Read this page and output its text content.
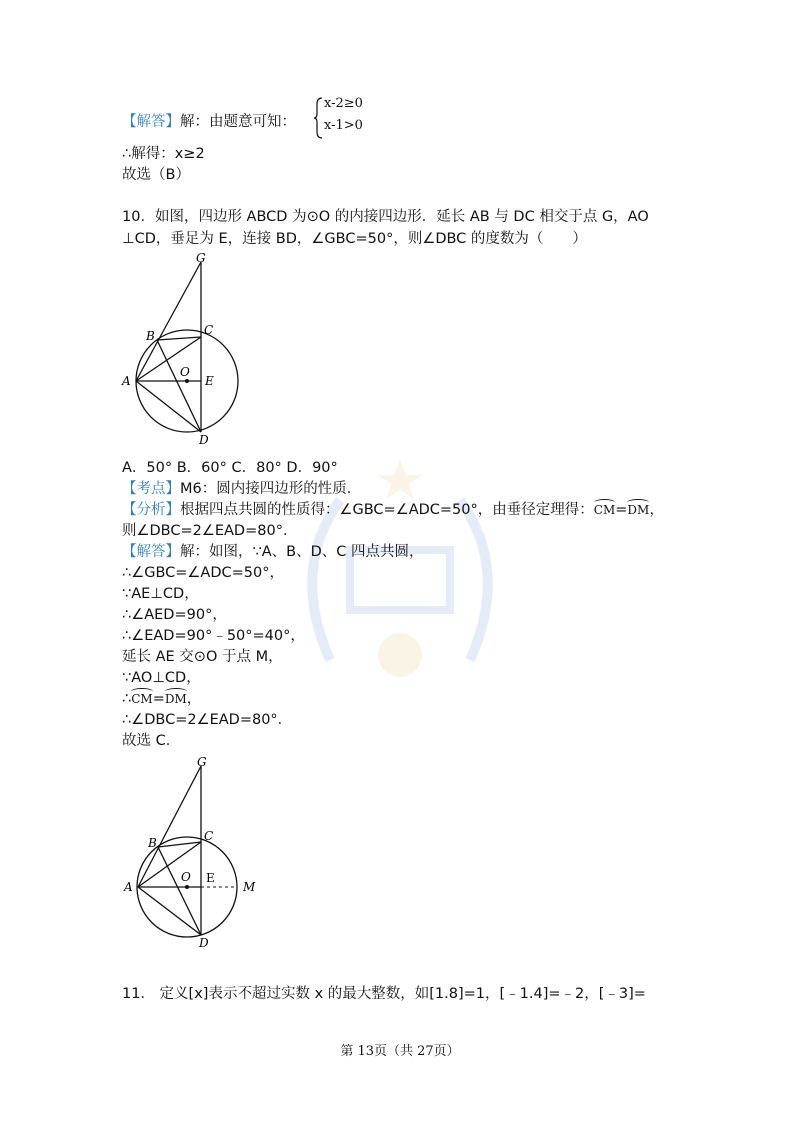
【解答】解：由题意可知：
x-2≥0
x-1>0
∴解得：x≥2
故选（B）
10．如图，四边形 ABCD 为⊙O 的内接四边形．延长 AB 与 DC 相交于点 G，AO
⊥CD，垂足为 E，连接 BD，∠GBC=50°，则∠DBC 的度数为（　　）
G
B	C
A
O
E
D
A．50° B．60° C．80° D．90°
【考点】M6：圆内接四边形的性质．
【分析】根据四点共圆的性质得：∠GBC=∠ADC=50°，由垂径定理得：CM=DM，
则∠DBC=2∠EAD=80°．
【解答】解：如图，∵A、B、D、C 四点共圆，
∴∠GBC=∠ADC=50°，
∵AE⊥CD，
∴∠AED=90°，
∴∠EAD=90°﹣50°=40°，
延长 AE 交⊙O 于点 M，
∵AO⊥CD，
∴CM=DM，
∴∠DBC=2∠EAD=80°．
故选 C．
G
B	C
A
O E
M
D
11． 定义[x]表示不超过实数 x 的最大整数，如[1.8]=1，[﹣1.4]=﹣2，[﹣3]=
第 13页（共 27页）
